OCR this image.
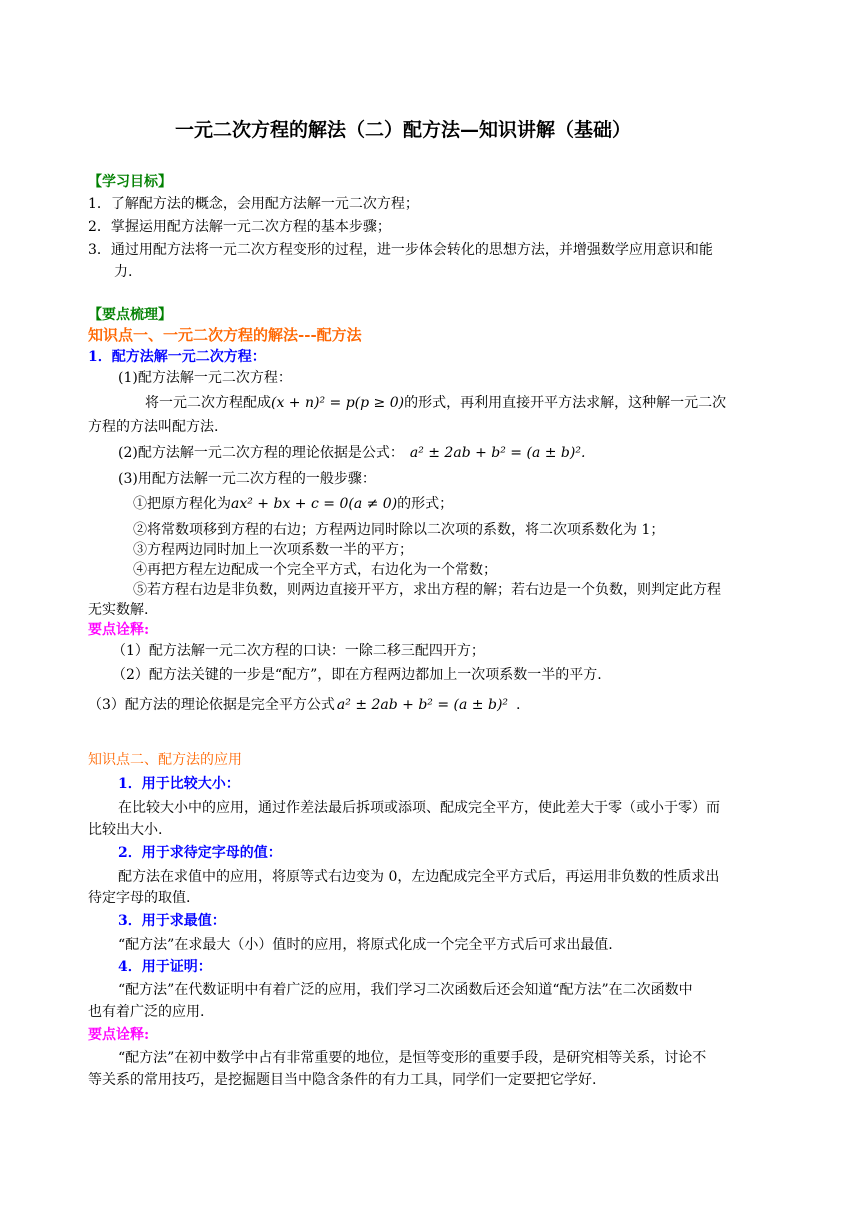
一元二次方程的解法（二）配方法—知识讲解（基础）
【学习目标】
1．了解配方法的概念，会用配方法解一元二次方程；
2．掌握运用配方法解一元二次方程的基本步骤；
3．通过用配方法将一元二次方程变形的过程，进一步体会转化的思想方法，并增强数学应用意识和能
力.
【要点梳理】
知识点一、一元二次方程的解法---配方法
1．配方法解一元二次方程：
(1)配方法解一元二次方程：
将一元二次方程配成(x + n)² = p(p ≥ 0)的形式，再利用直接开平方法求解，这种解一元二次
方程的方法叫配方法.
(2)配方法解一元二次方程的理论依据是公式： a² ± 2ab + b² = (a ± b)².
(3)用配方法解一元二次方程的一般步骤：
①把原方程化为ax² + bx + c = 0(a ≠ 0)的形式；
②将常数项移到方程的右边；方程两边同时除以二次项的系数，将二次项系数化为 1；
③方程两边同时加上一次项系数一半的平方；
④再把方程左边配成一个完全平方式，右边化为一个常数；
⑤若方程右边是非负数，则两边直接开平方，求出方程的解；若右边是一个负数，则判定此方程
无实数解.
要点诠释:
（1）配方法解一元二次方程的口诀：一除二移三配四开方；
（2）配方法关键的一步是“配方”，即在方程两边都加上一次项系数一半的平方.
（3）配方法的理论依据是完全平方公式 a² ± 2ab + b² = (a ± b)² .
知识点二、配方法的应用
1．用于比较大小：
在比较大小中的应用，通过作差法最后拆项或添项、配成完全平方，使此差大于零（或小于零）而
比较出大小.
2．用于求待定字母的值：
配方法在求值中的应用，将原等式右边变为 0，左边配成完全平方式后，再运用非负数的性质求出
待定字母的取值.
3．用于求最值：
“配方法”在求最大（小）值时的应用，将原式化成一个完全平方式后可求出最值.
4．用于证明：
“配方法”在代数证明中有着广泛的应用，我们学习二次函数后还会知道“配方法”在二次函数中
也有着广泛的应用.
要点诠释:
“配方法”在初中数学中占有非常重要的地位，是恒等变形的重要手段，是研究相等关系，讨论不
等关系的常用技巧，是挖掘题目当中隐含条件的有力工具，同学们一定要把它学好.
